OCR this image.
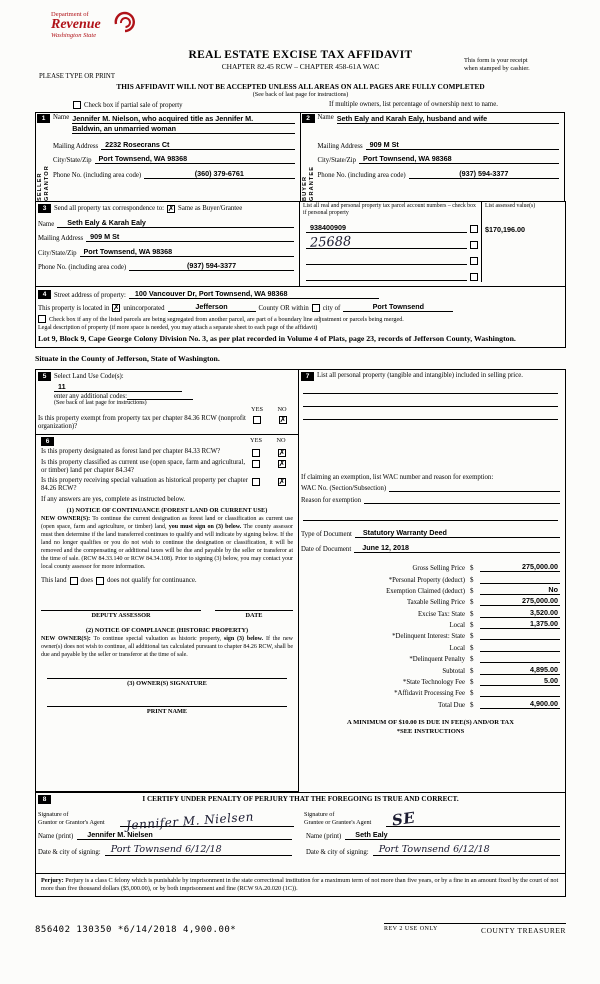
Department of
Revenue
Washington State
REAL ESTATE EXCISE TAX AFFIDAVIT
CHAPTER 82.45 RCW – CHAPTER 458-61A WAC
PLEASE TYPE OR PRINT
This form is your receipt
when stamped by cashier.
THIS AFFIDAVIT WILL NOT BE ACCEPTED UNLESS ALL AREAS ON ALL PAGES ARE FULLY COMPLETED
(See back of last page for instructions)
Check box if partial sale of property	If multiple owners, list percentage of ownership next to name.
1
SELLER GRANTOR
Name Jennifer M. Nielson, who acquired title as Jennifer M.
Baldwin, an unmarried woman
Mailing Address 2232 Rosecrans Ct
City/State/Zip Port Townsend, WA 98368
Phone No. (including area code)	(360) 379-6761
2
BUYER GRANTEE
Name Seth Ealy and Karah Ealy, husband and wife
Mailing Address 909 M St
City/State/Zip Port Townsend, WA 98368
Phone No. (including area code)	(937) 594-3377
3	Send all property tax correspondence to: ✗ Same as Buyer/Grantee
Name	Seth Ealy & Karah Ealy
Mailing Address 909 M St
City/State/Zip Port Townsend, WA 98368
Phone No. (including area code)	(937) 594-3377
List all real and personal property tax parcel account numbers – check box if personal property
List assessed value(s)
938400909	$170,196.00
25688
4	Street address of property:	100 Vancouver Dr, Port Townsend, WA 98368
This property is located in ✗ unincorporated	Jefferson	County OR within city of	Port Townsend
Check box if any of the listed parcels are being segregated from another parcel, are part of a boundary line adjustment or parcels being merged.
Legal description of property (if more space is needed, you may attach a separate sheet to each page of the affidavit)
Lot 9, Block 9, Cape George Colony Division No. 3, as per plat recorded in Volume 4 of Plats, page 23, records of Jefferson County, Washington.
Situate in the County of Jefferson, State of Washington.
5	Select Land Use Code(s):
11
enter any additional codes:
(See back of last page for instructions)
YES	NO
Is this property exempt from property tax per chapter 84.36 RCW (nonprofit organization)?
✗
6	YES	NO
Is this property designated as forest land per chapter 84.33 RCW?	✗
Is this property classified as current use (open space, farm and agricultural, or timber) land per chapter 84.34?
✗
Is this property receiving special valuation as historical property per chapter 84.26 RCW?
✗
If any answers are yes, complete as instructed below.
(1) NOTICE OF CONTINUANCE (FOREST LAND OR CURRENT USE)
NEW OWNER(S): To continue the current designation as forest land or classification as current use (open space, farm and agriculture, or timber) land, you must sign on (3) below. The county assessor must then determine if the land transferred continues to qualify and will indicate by signing below. If the land no longer qualifies or you do not wish to continue the designation or classification, it will be removed and the compensating or additional taxes will be due and payable by the seller or transferor at the time of sale. (RCW 84.33.140 or RCW 84.34.108). Prior to signing (3) below, you may contact your local county assessor for more information.
This land does does not qualify for continuance.
DEPUTY ASSESSOR	DATE
(2) NOTICE OF COMPLIANCE (HISTORIC PROPERTY)
NEW OWNER(S): To continue special valuation as historic property, sign (3) below. If the new owner(s) does not wish to continue, all additional tax calculated pursuant to chapter 84.26 RCW, shall be due and payable by the seller or transferor at the time of sale.
(3) OWNER(S) SIGNATURE
PRINT NAME
7	List all personal property (tangible and intangible) included in selling price.
If claiming an exemption, list WAC number and reason for exemption:
WAC No. (Section/Subsection)
Reason for exemption
Type of Document	Statutory Warranty Deed
Date of Document	June 12, 2018
Gross Selling Price $	275,000.00
*Personal Property (deduct) $
Exemption Claimed (deduct) $	No
Taxable Selling Price $	275,000.00
Excise Tax: State $	3,520.00
Local $	1,375.00
*Delinquent Interest: State $
Local $
*Delinquent Penalty $
Subtotal $	4,895.00
*State Technology Fee $	5.00
*Affidavit Processing Fee $
Total Due $	4,900.00
A MINIMUM OF $10.00 IS DUE IN FEE(S) AND/OR TAX
*SEE INSTRUCTIONS
8	I CERTIFY UNDER PENALTY OF PERJURY THAT THE FOREGOING IS TRUE AND CORRECT.
Signature of
Grantor or Grantor's Agent	Jennifer M. Nielsen	Signature of
Grantee or Grantee's Agent	SE
Name (print)	Jennifer M. Nielsen	Name (print)	Seth Ealy
Date & city of signing:	Port Townsend 6/12/18	Date & city of signing:	Port Townsend 6/12/18
Perjury: Perjury is a class C felony which is punishable by imprisonment in the state correctional institution for a maximum term of not more than five years, or by a fine in an amount fixed by the court of not more than five thousand dollars ($5,000.00), or by both imprisonment and fine (RCW 9A.20.020 (1C)).
856402 130350 *6/14/2018 4,900.00*	REV 2 USE ONLY	COUNTY TREASURER
